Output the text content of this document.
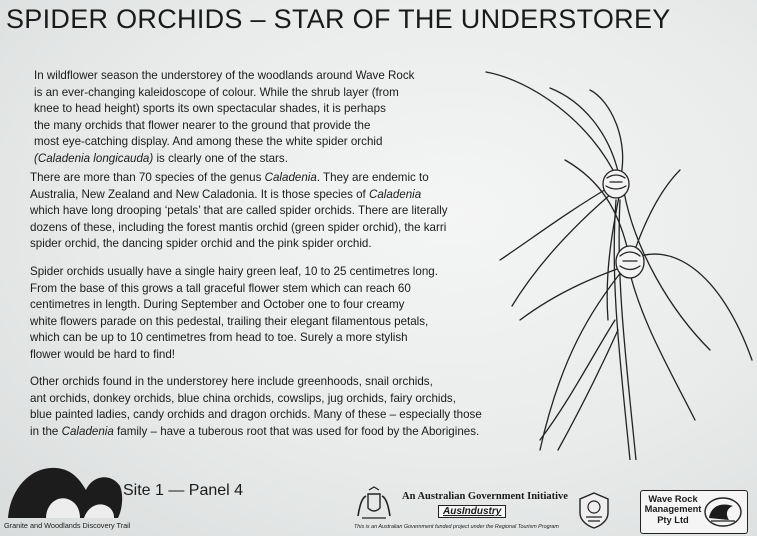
SPIDER ORCHIDS – STAR OF THE UNDERSTOREY

In wildflower season the understorey of the woodlands around Wave Rock
is an ever-changing kaleidoscope of colour. While the shrub layer (from
knee to head height) sports its own spectacular shades, it is perhaps
the many orchids that flower nearer to the ground that provide the
most eye-catching display. And among these the white spider orchid
(Caladenia longicauda) is clearly one of the stars.

There are more than 70 species of the genus Caladenia. They are endemic to
Australia, New Zealand and New Caladonia. It is those species of Caladenia
which have long drooping ‘petals’ that are called spider orchids. There are literally
dozens of these, including the forest mantis orchid (green spider orchid), the karri
spider orchid, the dancing spider orchid and the pink spider orchid.

Spider orchids usually have a single hairy green leaf, 10 to 25 centimetres long.
From the base of this grows a tall graceful flower stem which can reach 60
centimetres in length. During September and October one to four creamy
white flowers parade on this pedestal, trailing their elegant filamentous petals,
which can be up to 10 centimetres from head to toe. Surely a more stylish
flower would be hard to find!

Other orchids found in the understorey here include greenhoods, snail orchids,
ant orchids, donkey orchids, blue china orchids, cowslips, jug orchids, fairy orchids,
blue painted ladies, candy orchids and dragon orchids. Many of these – especially those
in the Caladenia family – have a tuberous root that was used for food by the Aborigines.

Granite and Woodlands Discovery Trail
Site 1 — Panel 4	An Australian Government Initiative
AusIndustry
This is an Australian Government funded project under the Regional Tourism Program
Wave Rock
Management
Pty Ltd
